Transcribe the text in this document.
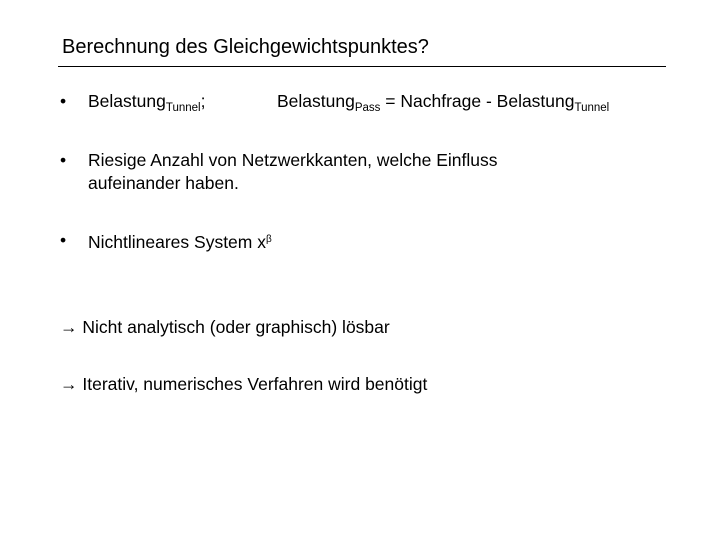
Berechnung des Gleichgewichtspunktes?
• Belastung$_{Tunnel}$;	Belastung$_{Pass}$ = Nachfrage - Belastung$_{Tunnel}$
• Riesige Anzahl von Netzwerkkanten, welche Einfluss
aufeinander haben.
• Nichtlineares System $x^\beta$
→ Nicht analytisch (oder graphisch) lösbar
→ Iterativ, numerisches Verfahren wird benötigt
